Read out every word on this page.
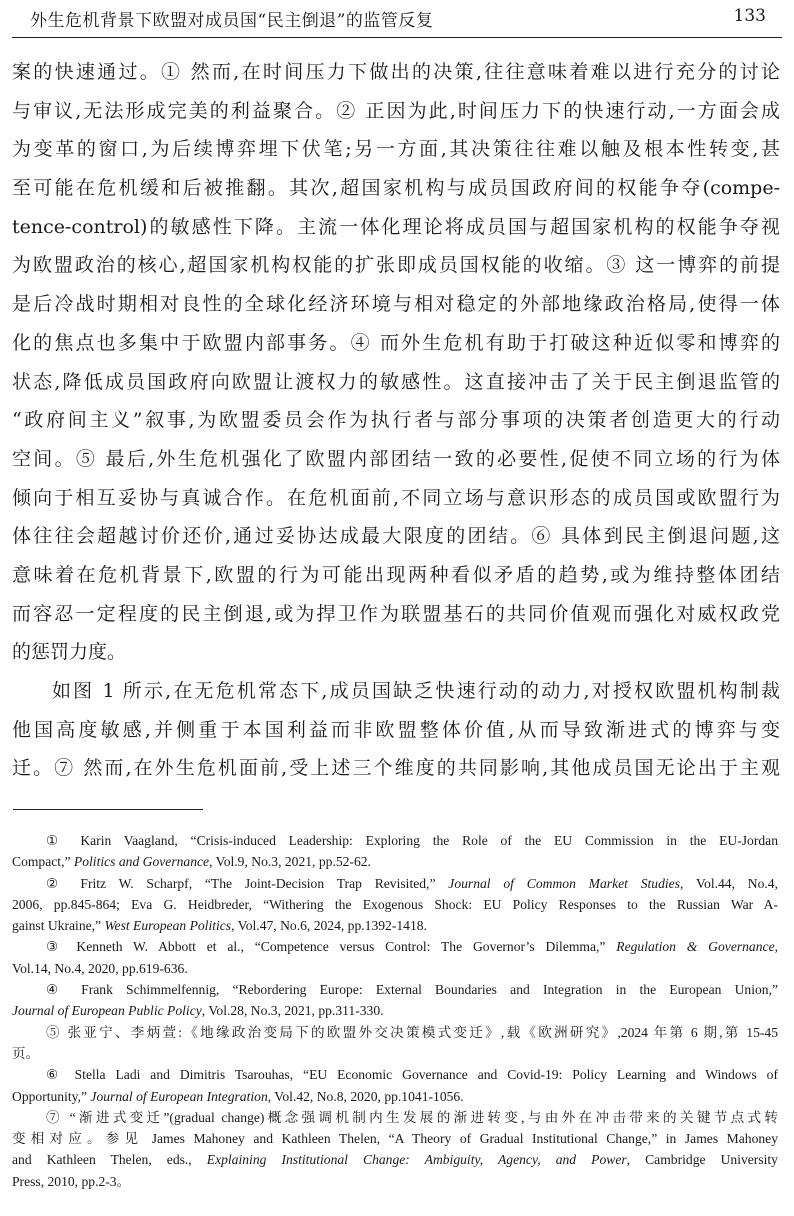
外生危机背景下欧盟对成员国“民主倒退”的监管反复	133
案的快速通过。① 然而,在时间压力下做出的决策,往往意味着难以进行充分的讨论
与审议,无法形成完美的利益聚合。② 正因为此,时间压力下的快速行动,一方面会成
为变革的窗口,为后续博弈埋下伏笔;另一方面,其决策往往难以触及根本性转变,甚
至可能在危机缓和后被推翻。其次,超国家机构与成员国政府间的权能争夺(compe-
tence-control)的敏感性下降。主流一体化理论将成员国与超国家机构的权能争夺视
为欧盟政治的核心,超国家机构权能的扩张即成员国权能的收缩。③ 这一博弈的前提
是后冷战时期相对良性的全球化经济环境与相对稳定的外部地缘政治格局,使得一体
化的焦点也多集中于欧盟内部事务。④ 而外生危机有助于打破这种近似零和博弈的
状态,降低成员国政府向欧盟让渡权力的敏感性。这直接冲击了关于民主倒退监管的
“政府间主义”叙事,为欧盟委员会作为执行者与部分事项的决策者创造更大的行动
空间。⑤ 最后,外生危机强化了欧盟内部团结一致的必要性,促使不同立场的行为体
倾向于相互妥协与真诚合作。在危机面前,不同立场与意识形态的成员国或欧盟行为
体往往会超越讨价还价,通过妥协达成最大限度的团结。⑥ 具体到民主倒退问题,这
意味着在危机背景下,欧盟的行为可能出现两种看似矛盾的趋势,或为维持整体团结
而容忍一定程度的民主倒退,或为捍卫作为联盟基石的共同价值观而强化对威权政党
的惩罚力度。
如图 1 所示,在无危机常态下,成员国缺乏快速行动的动力,对授权欧盟机构制裁
他国高度敏感,并侧重于本国利益而非欧盟整体价值,从而导致渐进式的博弈与变
迁。⑦ 然而,在外生危机面前,受上述三个维度的共同影响,其他成员国无论出于主观
① Karin Vaagland, “Crisis-induced Leadership: Exploring the Role of the EU Commission in the EU-Jordan
Compact,” Politics and Governance, Vol.9, No.3, 2021, pp.52-62.
② Fritz W. Scharpf, “The Joint-Decision Trap Revisited,” Journal of Common Market Studies, Vol.44, No.4,
2006, pp.845-864; Eva G. Heidbreder, “Withering the Exogenous Shock: EU Policy Responses to the Russian War A-
gainst Ukraine,” West European Politics, Vol.47, No.6, 2024, pp.1392-1418.
③ Kenneth W. Abbott et al., “Competence versus Control: The Governor’s Dilemma,” Regulation & Governance,
Vol.14, No.4, 2020, pp.619-636.
④ Frank Schimmelfennig, “Rebordering Europe: External Boundaries and Integration in the European Union,”
Journal of European Public Policy, Vol.28, No.3, 2021, pp.311-330.
⑤ 张亚宁、李炳萱:《地缘政治变局下的欧盟外交决策模式变迁》,载《欧洲研究》,2024 年第 6 期,第 15-45
页。
⑥ Stella Ladi and Dimitris Tsarouhas, “EU Economic Governance and Covid-19: Policy Learning and Windows of
Opportunity,” Journal of European Integration, Vol.42, No.8, 2020, pp.1041-1056.
⑦ “渐进式变迁”(gradual change)概念强调机制内生发展的渐进转变,与由外在冲击带来的关键节点式转
变相对应。参见 James Mahoney and Kathleen Thelen, “A Theory of Gradual Institutional Change,” in James Mahoney
and Kathleen Thelen, eds., Explaining Institutional Change: Ambiguity, Agency, and Power, Cambridge University
Press, 2010, pp.2-3。
